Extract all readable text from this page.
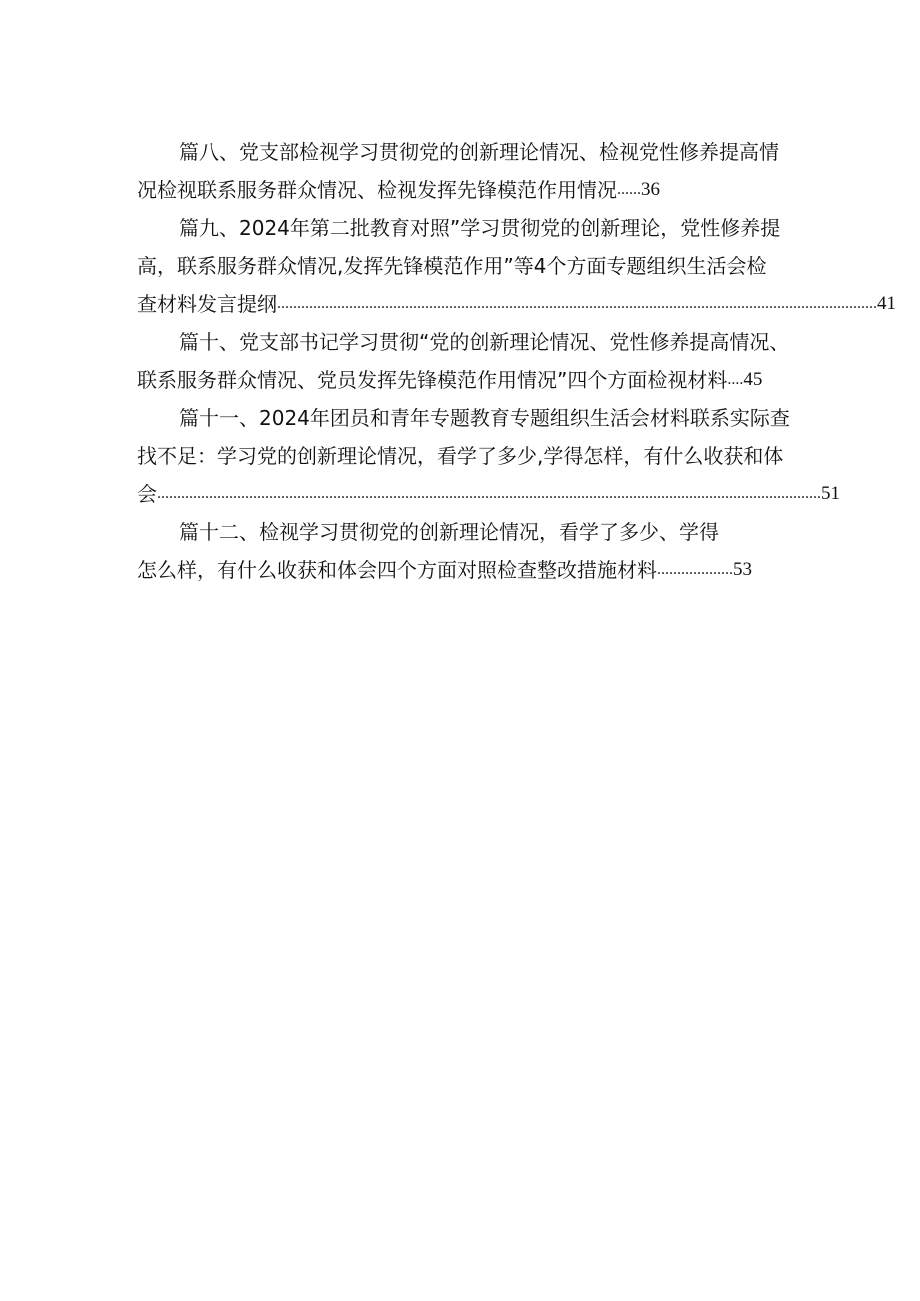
篇八、党支部检视学习贯彻党的创新理论情况、检视党性修养提高情
况检视联系服务群众情况、检视发挥先锋模范作用情况 ...... 36
篇九、2024年第二批教育对照”学习贯彻党的创新理论，党性修养提
高，联系服务群众情况,发挥先锋模范作用”等4个方面专题组织生活会检
查材料发言提纲 ...................................................................................................................................................... 41
篇十、党支部书记学习贯彻“党的创新理论情况、党性修养提高情况、
联系服务群众情况、党员发挥先锋模范作用情况”四个方面检视材料 .... 45
篇十一、2024年团员和青年专题教育专题组织生活会材料联系实际查
找不足：学习党的创新理论情况，看学了多少,学得怎样，有什么收获和体
会 ...................................................................................................................................................................... 51
篇十二、检视学习贯彻党的创新理论情况，看学了多少、学得
怎么样，有什么收获和体会四个方面对照检查整改措施材料 ................... 53
